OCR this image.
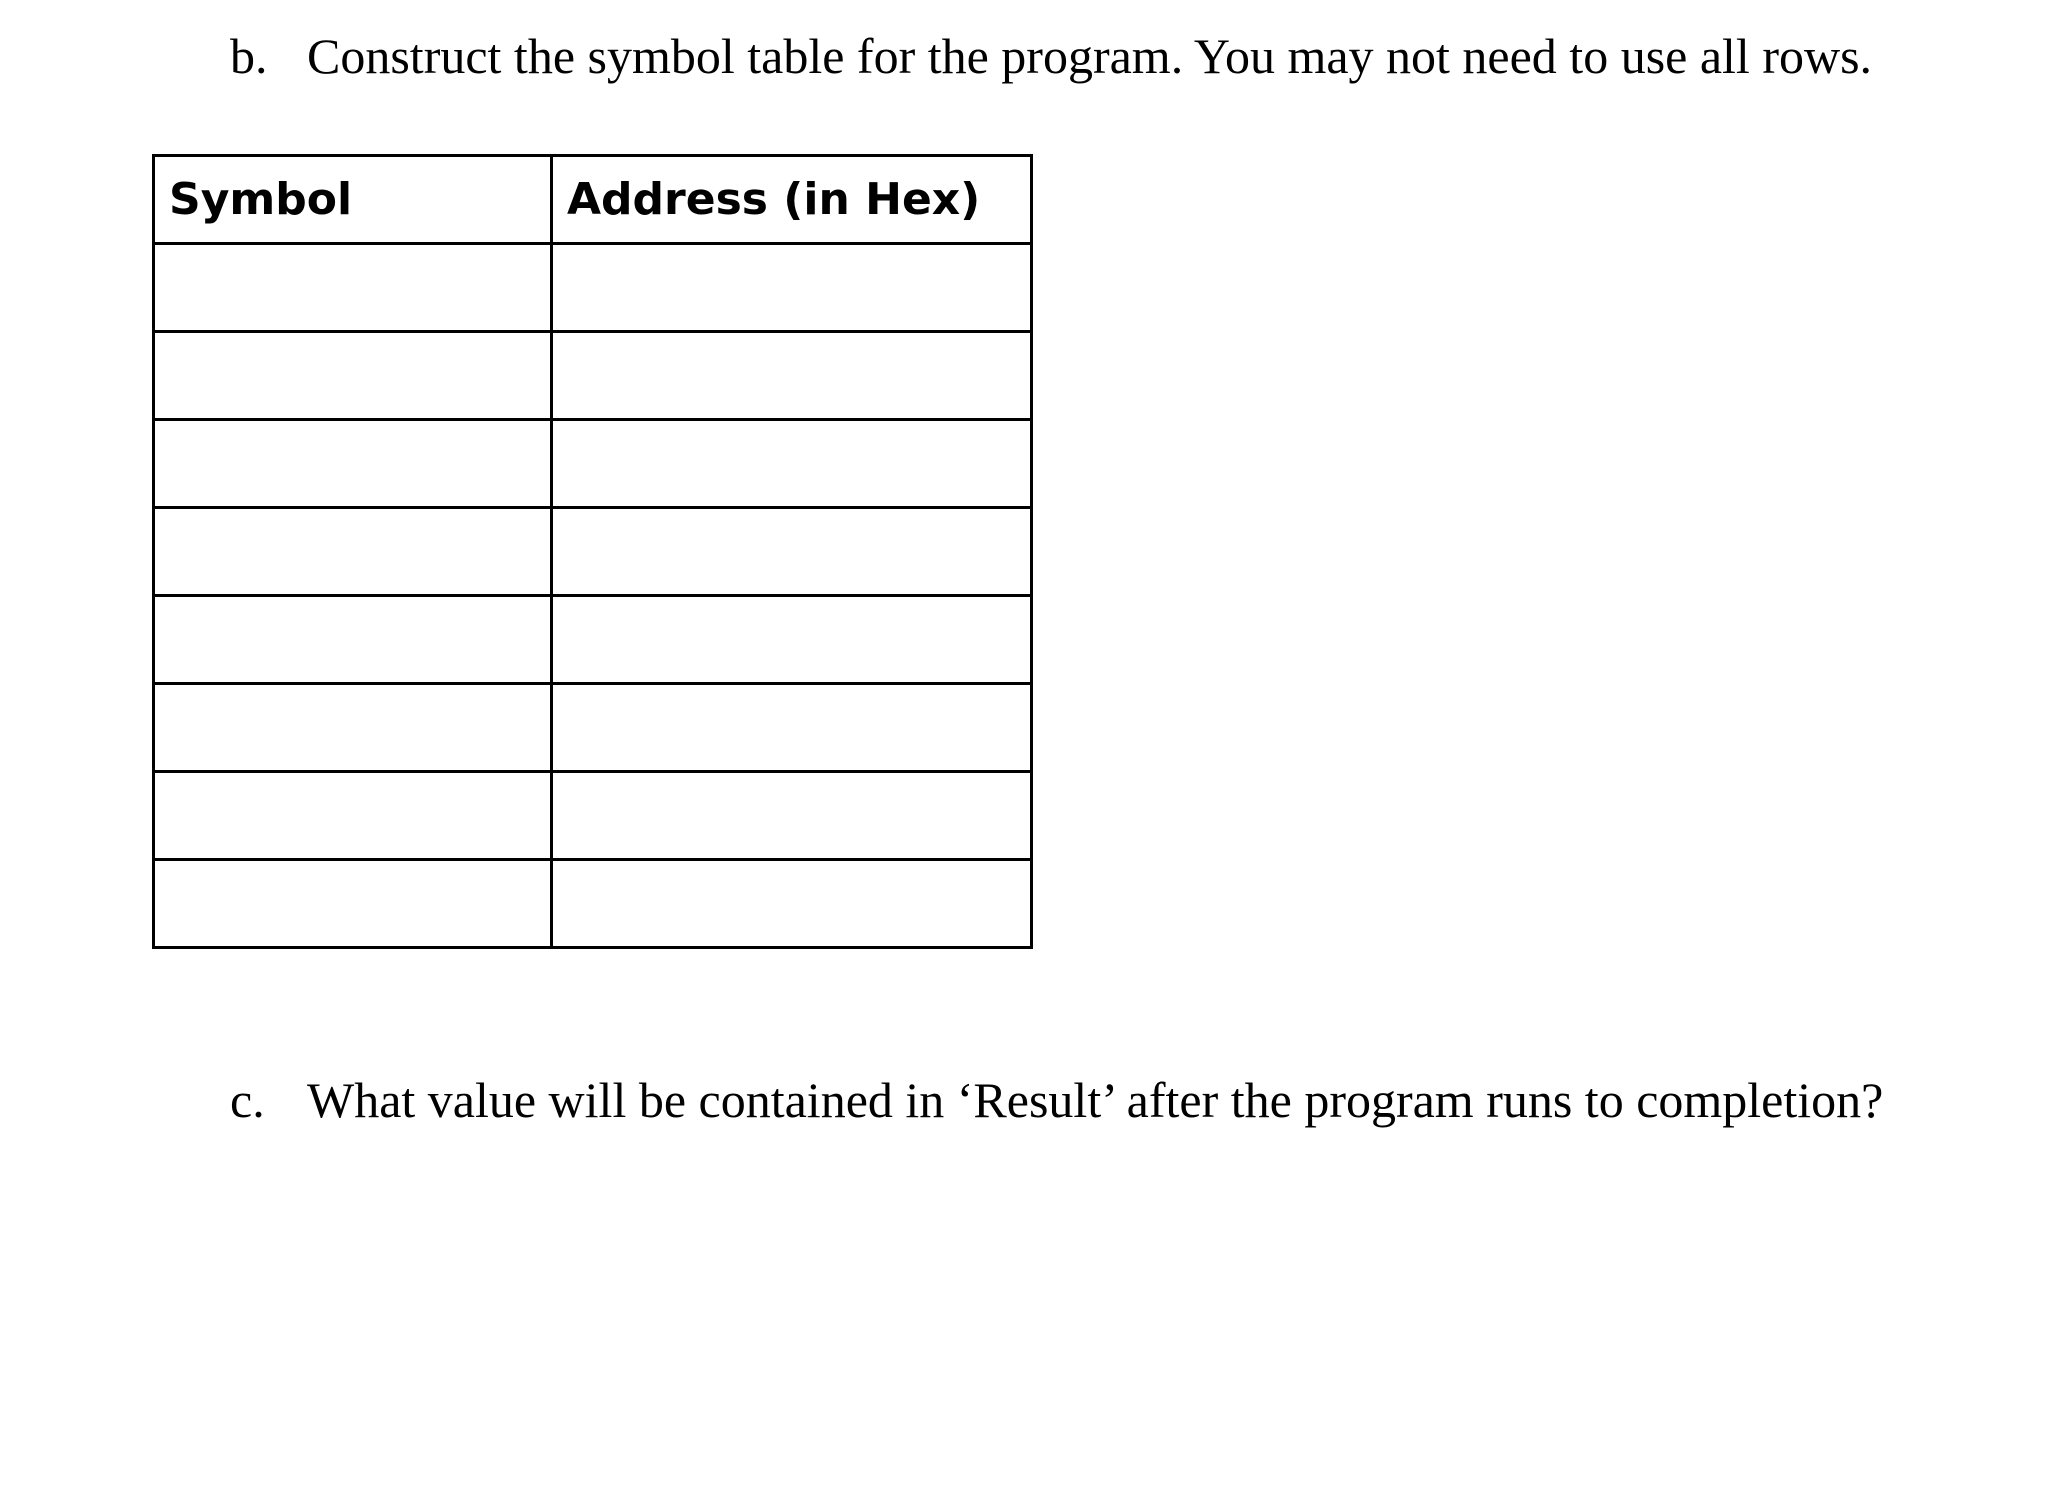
b. Construct the symbol table for the program. You may not need to use all rows.

Symbol	Address (in Hex)

c. What value will be contained in ‘Result’ after the program runs to completion?
